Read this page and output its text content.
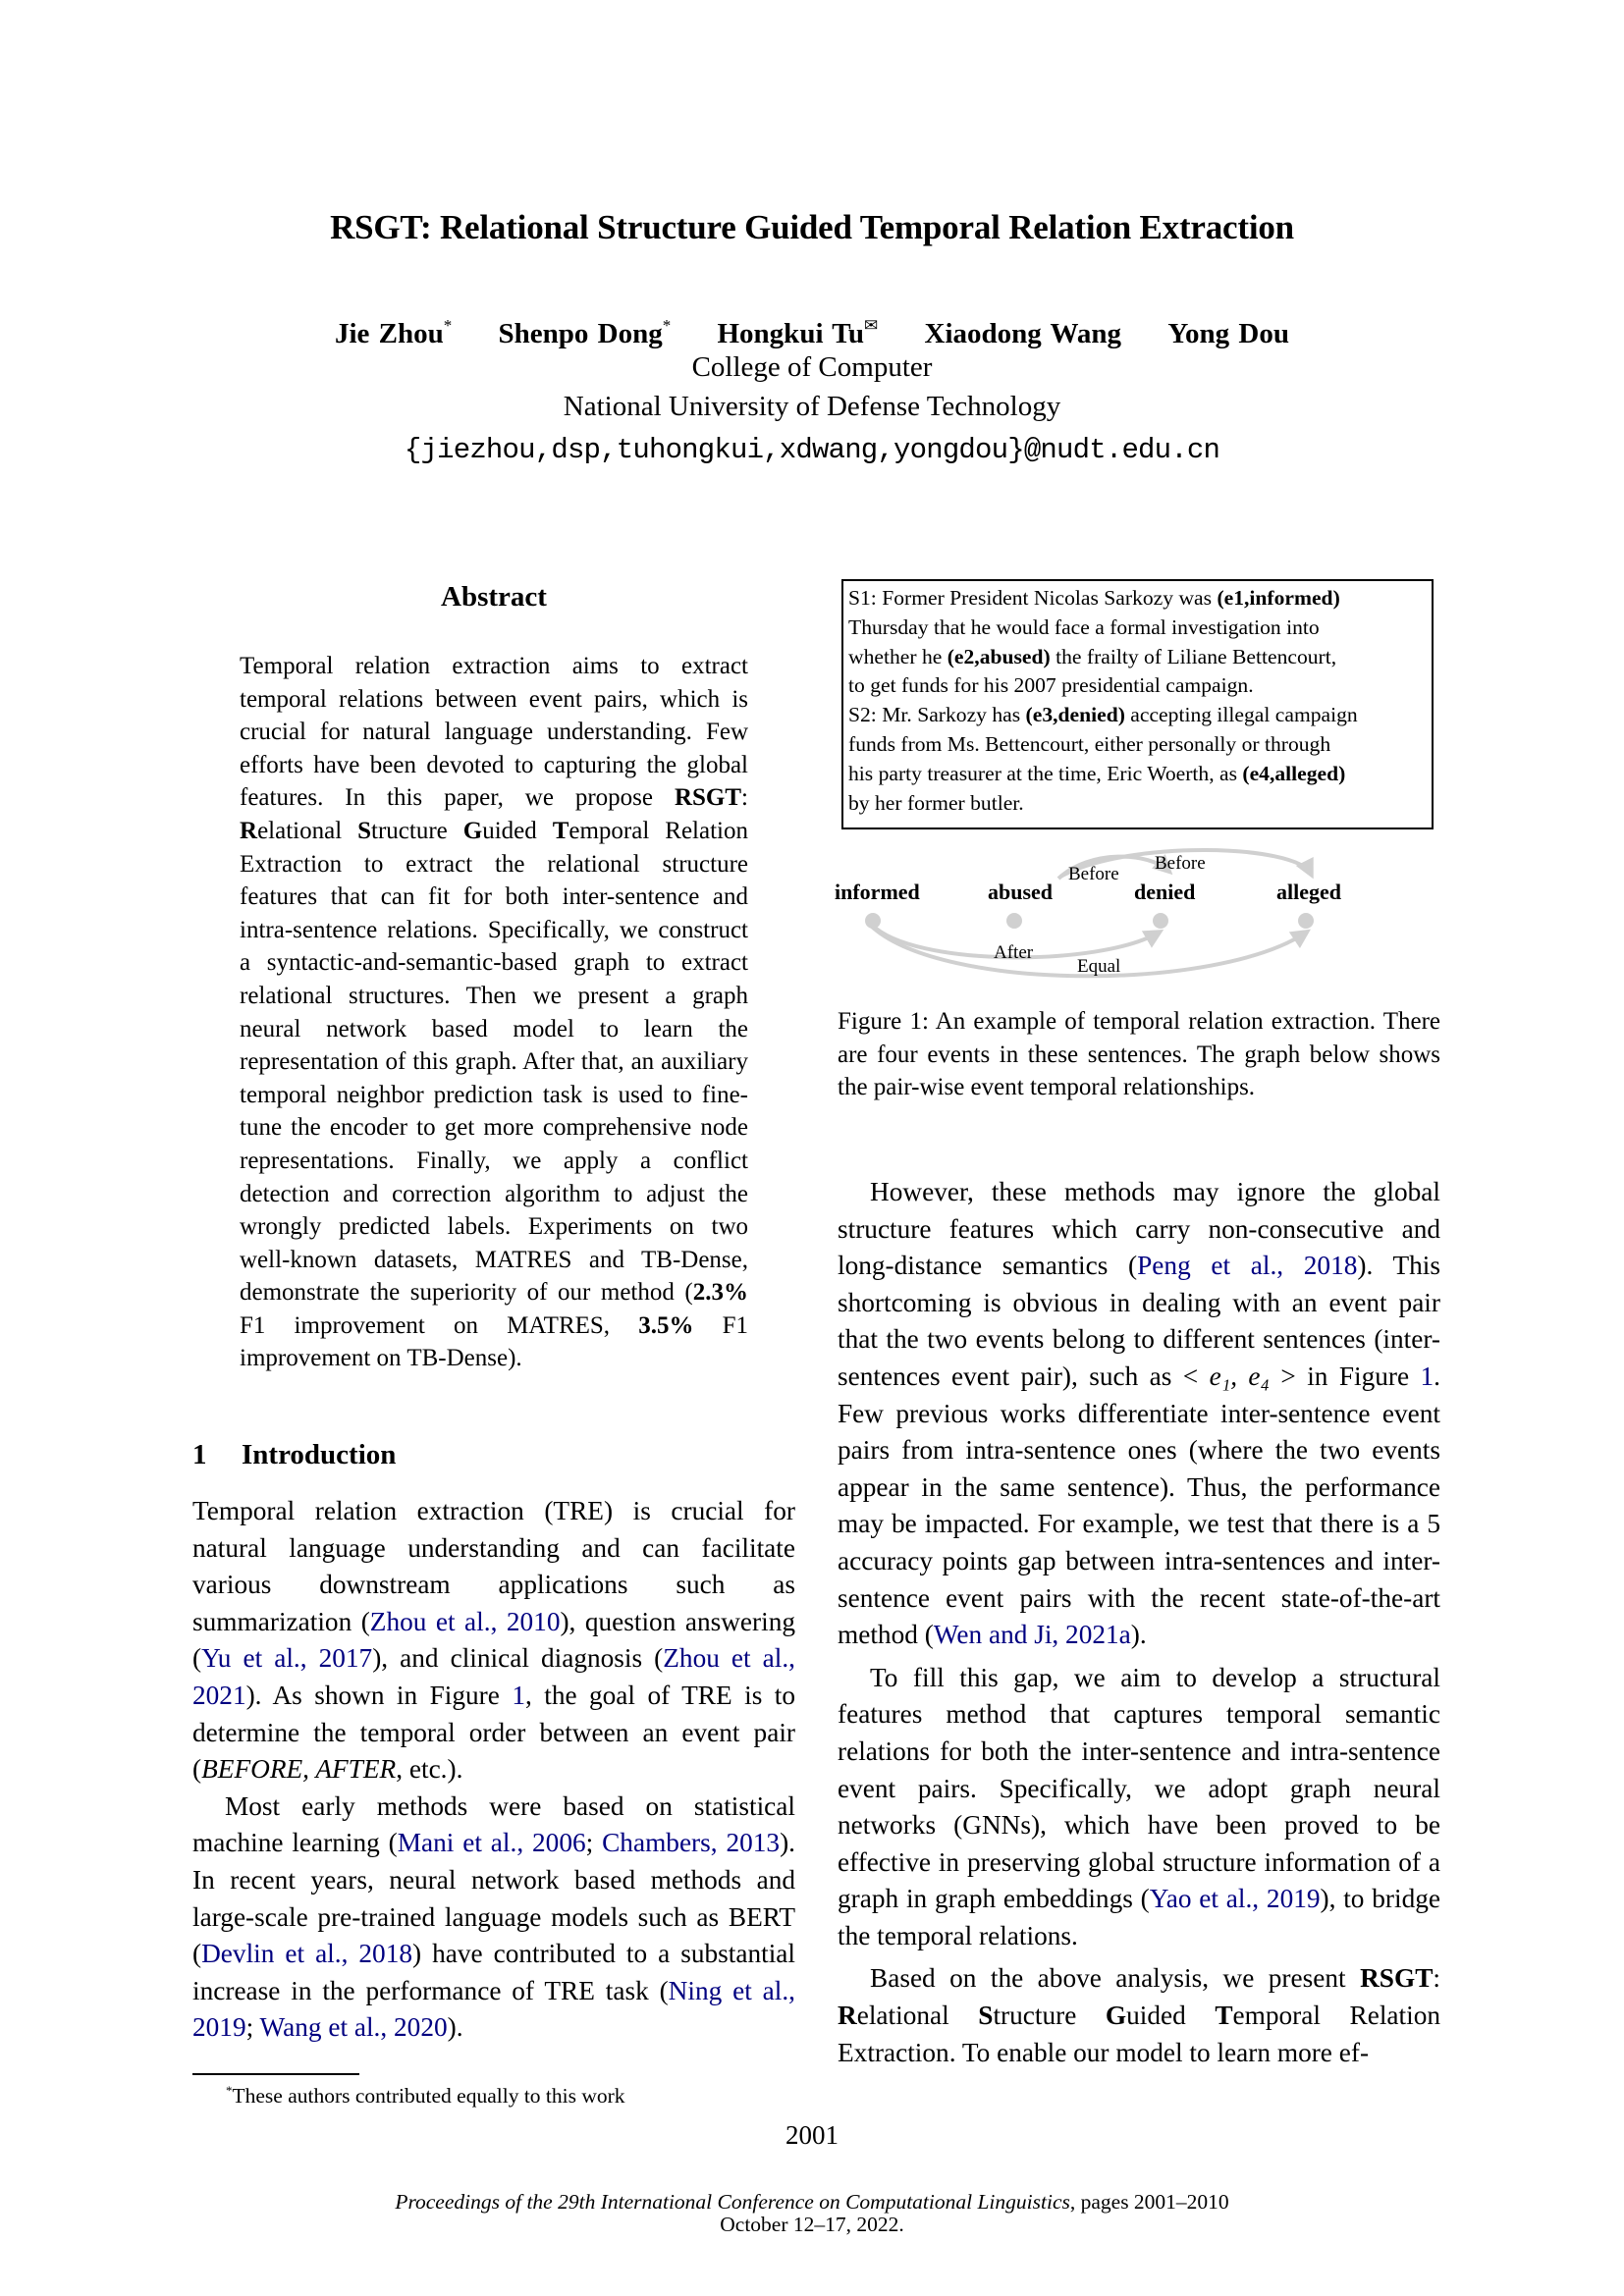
RSGT: Relational Structure Guided Temporal Relation Extraction
Jie Zhou* Shenpo Dong* Hongkui Tu✉ Xiaodong Wang Yong Dou
College of Computer
National University of Defense Technology
{jiezhou,dsp,tuhongkui,xdwang,yongdou}@nudt.edu.cn
Abstract
Temporal relation extraction aims to extract temporal relations between event pairs, which is crucial for natural language understanding. Few efforts have been devoted to capturing the global features. In this paper, we propose RSGT: Relational Structure Guided Temporal Relation Extraction to extract the relational structure features that can fit for both inter-sentence and intra-sentence relations. Specifically, we construct a syntactic-and-semantic-based graph to extract relational structures. Then we present a graph neural network based model to learn the representation of this graph. After that, an auxiliary temporal neighbor prediction task is used to fine-tune the encoder to get more comprehensive node representations. Finally, we apply a conflict detection and correction algorithm to adjust the wrongly predicted labels. Experiments on two well-known datasets, MATRES and TB-Dense, demonstrate the superiority of our method (2.3% F1 improvement on MATRES, 3.5% F1 improvement on TB-Dense).
1 Introduction

Temporal relation extraction (TRE) is crucial for natural language understanding and can facilitate various downstream applications such as summarization (Zhou et al., 2010), question answering (Yu et al., 2017), and clinical diagnosis (Zhou et al., 2021). As shown in Figure 1, the goal of TRE is to determine the temporal order between an event pair (BEFORE, AFTER, etc.).

Most early methods were based on statistical machine learning (Mani et al., 2006; Chambers, 2013). In recent years, neural network based methods and large-scale pre-trained language models such as BERT (Devlin et al., 2018) have contributed to a substantial increase in the performance of TRE task (Ning et al., 2019; Wang et al., 2020).

S1: Former President Nicolas Sarkozy was (e1,informed)
Thursday that he would face a formal investigation into
whether he (e2,abused) the frailty of Liliane Bettencourt,
to get funds for his 2007 presidential campaign.
S2: Mr. Sarkozy has (e3,denied) accepting illegal campaign
funds from Ms. Bettencourt, either personally or through
his party treasurer at the time, Eric Woerth, as (e4,alleged)
by her former butler.
informed	abused	denied	alleged
Before
Before
After
Equal
Figure 1: An example of temporal relation extraction. There are four events in these sentences. The graph below shows the pair-wise event temporal relationships.

However, these methods may ignore the global structure features which carry non-consecutive and long-distance semantics (Peng et al., 2018). This shortcoming is obvious in dealing with an event pair that the two events belong to different sentences (inter-sentences event pair), such as < e₁, e₄ > in Figure 1. Few previous works differentiate inter-sentence event pairs from intra-sentence ones (where the two events appear in the same sentence). Thus, the performance may be impacted. For example, we test that there is a 5 accuracy points gap between intra-sentences and inter-sentence event pairs with the recent state-of-the-art method (Wen and Ji, 2021a).

To fill this gap, we aim to develop a structural features method that captures temporal semantic relations for both the inter-sentence and intra-sentence event pairs. Specifically, we adopt graph neural networks (GNNs), which have been proved to be effective in preserving global structure information of a graph in graph embeddings (Yao et al., 2019), to bridge the temporal relations.

Based on the above analysis, we present RSGT: Relational Structure Guided Temporal Relation Extraction. To enable our model to learn more ef-

*These authors contributed equally to this work
2001
Proceedings of the 29th International Conference on Computational Linguistics, pages 2001–2010
October 12–17, 2022.
